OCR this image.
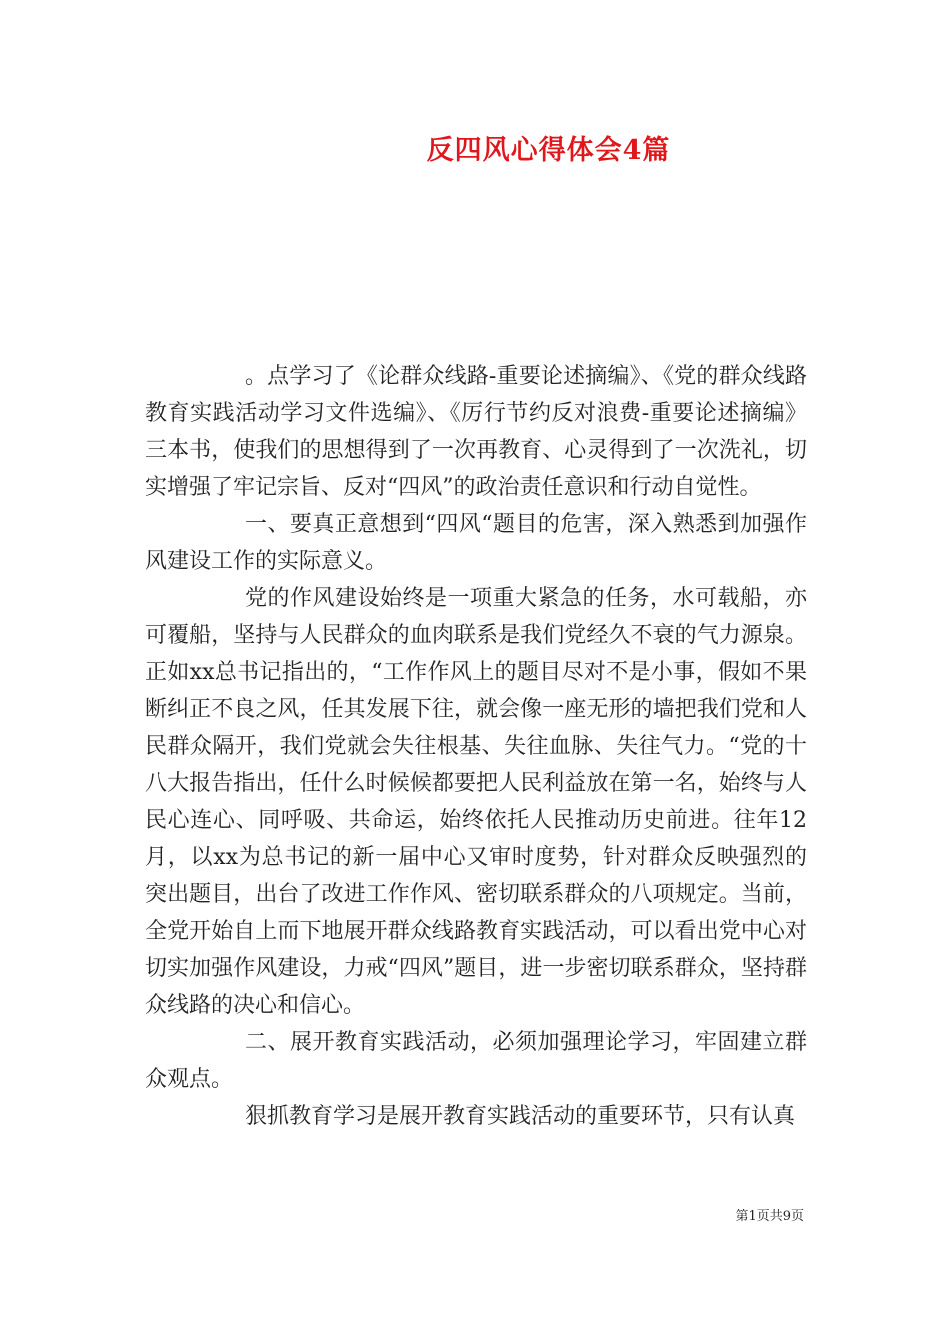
反四风心得体会4篇

。点学习了《论群众线路-重要论述摘编》、《党的群众线路教育实践活动学习文件选编》、《厉行节约反对浪费-重要论述摘编》三本书，使我们的思想得到了一次再教育、心灵得到了一次洗礼，切实增强了牢记宗旨、反对“四风”的政治责任意识和行动自觉性。

一、要真正意想到“四风“题目的危害，深入熟悉到加强作风建设工作的实际意义。

党的作风建设始终是一项重大紧急的任务，水可载船，亦可覆船，坚持与人民群众的血肉联系是我们党经久不衰的气力源泉。正如xx总书记指出的，“工作作风上的题目尽对不是小事，假如不果断纠正不良之风，任其发展下往，就会像一座无形的墙把我们党和人民群众隔开，我们党就会失往根基、失往血脉、失往气力。“党的十八大报告指出，任什么时候候都要把人民利益放在第一名，始终与人民心连心、同呼吸、共命运，始终依托人民推动历史前进。往年12月，以xx为总书记的新一届中心又审时度势，针对群众反映强烈的突出题目，出台了改进工作作风、密切联系群众的八项规定。当前，全党开始自上而下地展开群众线路教育实践活动，可以看出党中心对切实加强作风建设，力戒“四风”题目，进一步密切联系群众，坚持群众线路的决心和信心。

二、展开教育实践活动，必须加强理论学习，牢固建立群众观点。

狠抓教育学习是展开教育实践活动的重要环节，只有认真

第1页共9页
